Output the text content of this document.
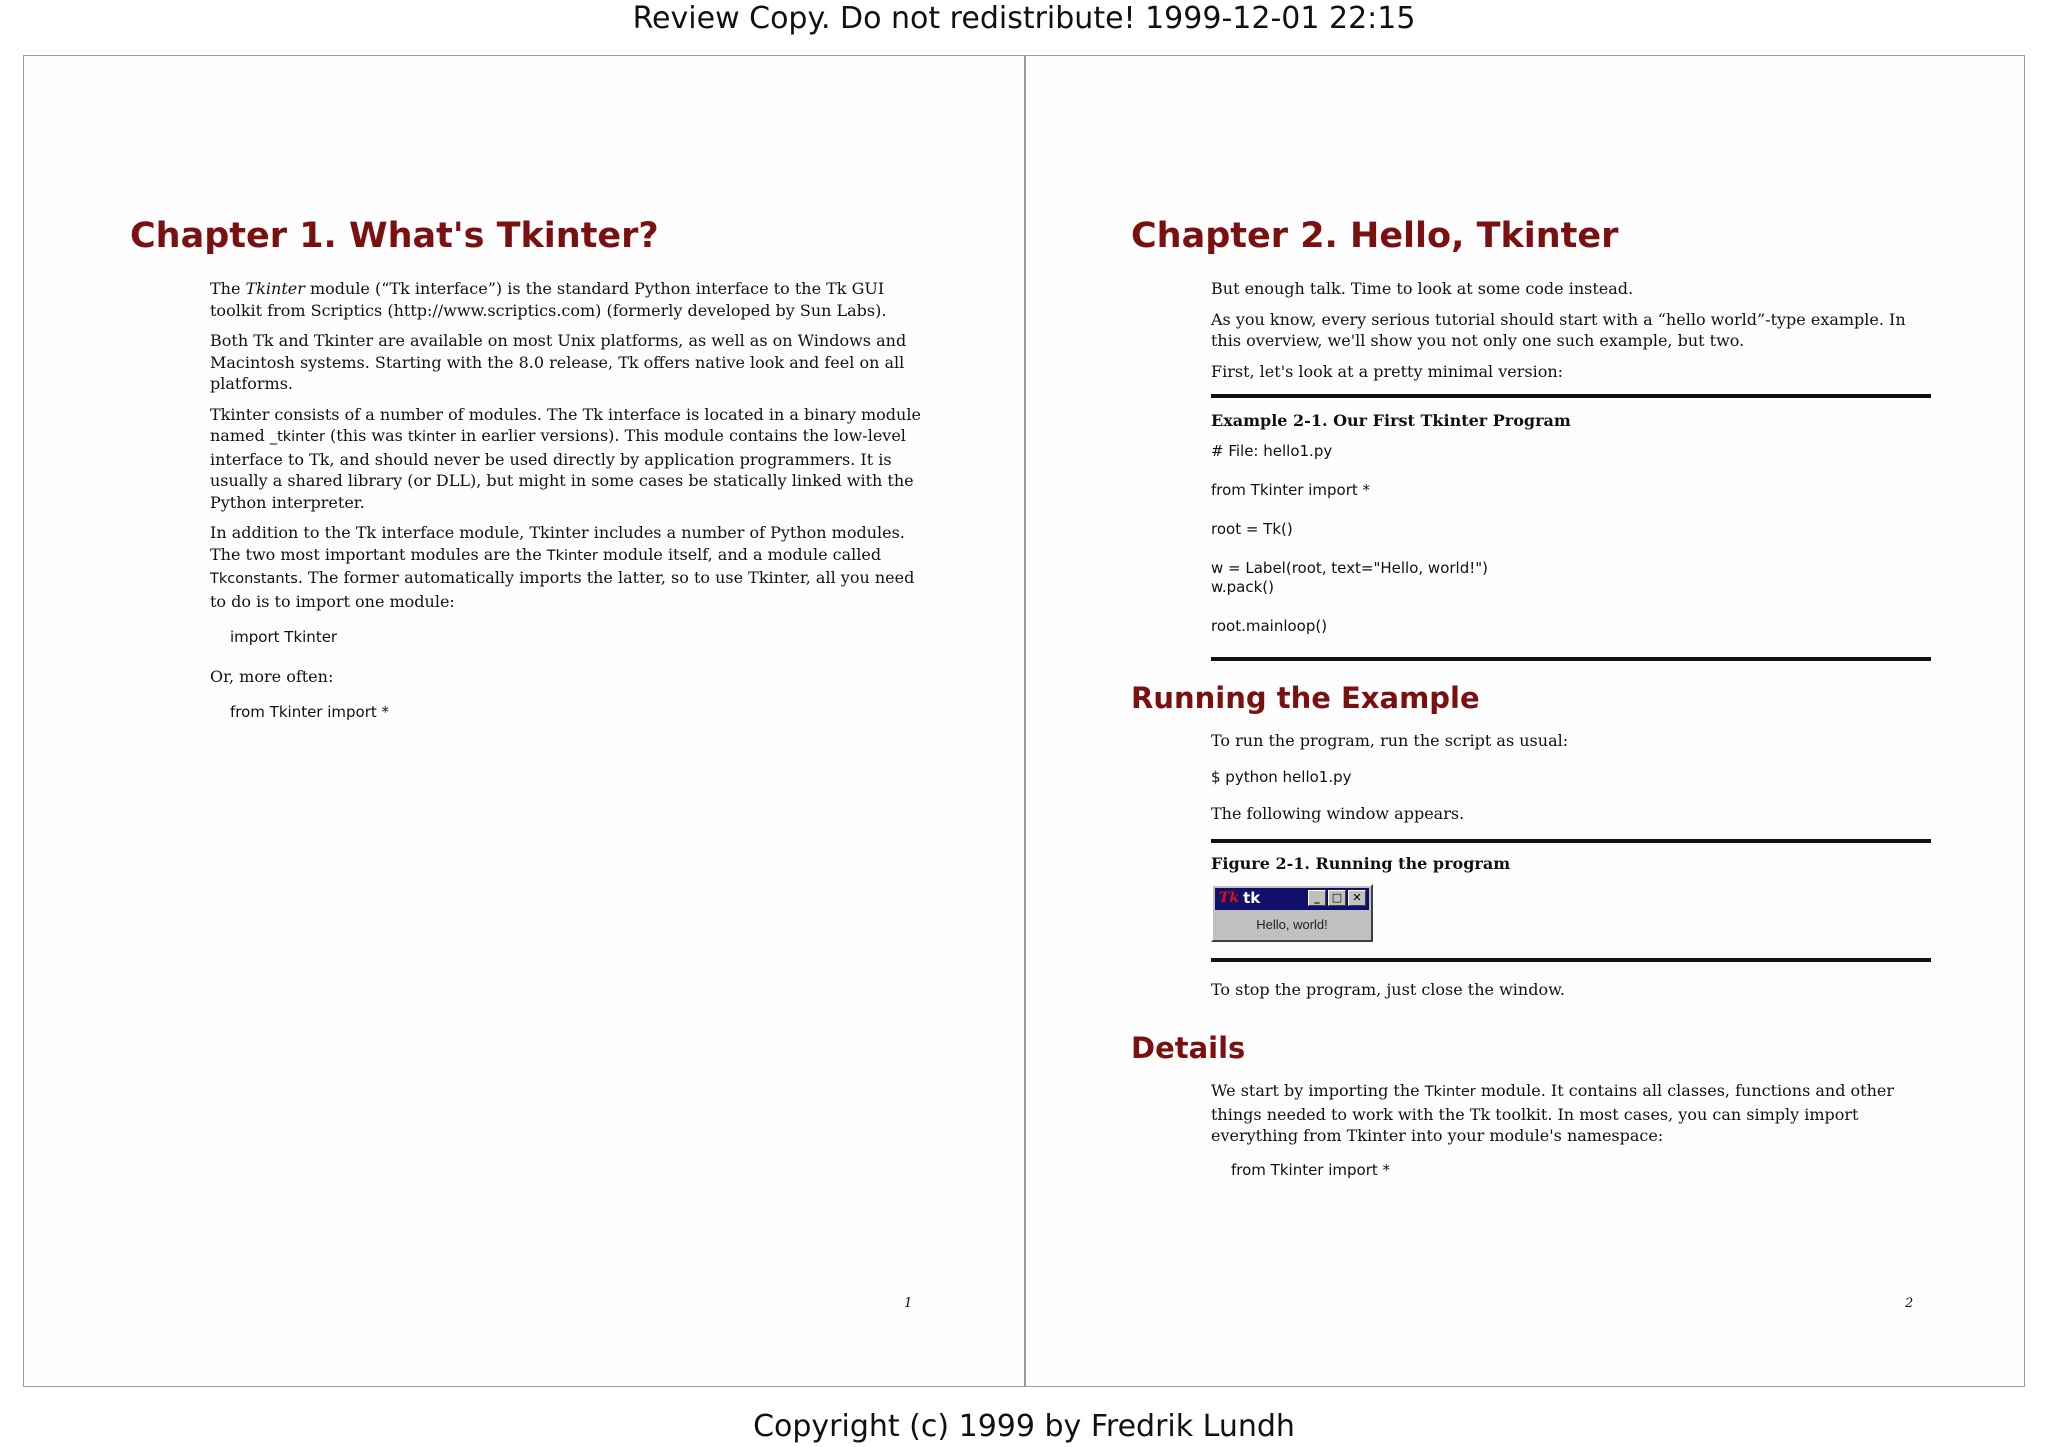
Review Copy. Do not redistribute! 1999-12-01 22:15
Chapter 1. What's Tkinter?

The Tkinter module (“Tk interface”) is the standard Python interface to the Tk GUI toolkit from Scriptics (http://www.scriptics.com) (formerly developed by Sun Labs).

Both Tk and Tkinter are available on most Unix platforms, as well as on Windows and Macintosh systems. Starting with the 8.0 release, Tk offers native look and feel on all platforms.

Tkinter consists of a number of modules. The Tk interface is located in a binary module named _tkinter (this was tkinter in earlier versions). This module contains the low-level interface to Tk, and should never be used directly by application programmers. It is usually a shared library (or DLL), but might in some cases be statically linked with the Python interpreter.

In addition to the Tk interface module, Tkinter includes a number of Python modules. The two most important modules are the Tkinter module itself, and a module called Tkconstants. The former automatically imports the latter, so to use Tkinter, all you need to do is to import one module:

import Tkinter

Or, more often:

from Tkinter import *

1
Chapter 2. Hello, Tkinter

But enough talk. Time to look at some code instead.

As you know, every serious tutorial should start with a “hello world”-type example. In this overview, we'll show you not only one such example, but two.

First, let's look at a pretty minimal version:

Example 2-1. Our First Tkinter Program

# File: hello1.py

from Tkinter import *

root = Tk()

w = Label(root, text="Hello, world!")
w.pack()

root.mainloop()

Running the Example

To run the program, run the script as usual:

$ python hello1.py

The following window appears.

Figure 2-1. Running the program

Tk tk	_	□ ✕
Hello, world!

To stop the program, just close the window.

Details

We start by importing the Tkinter module. It contains all classes, functions and other things needed to work with the Tk toolkit. In most cases, you can simply import everything from Tkinter into your module's namespace:

from Tkinter import *

2
Copyright (c) 1999 by Fredrik Lundh
